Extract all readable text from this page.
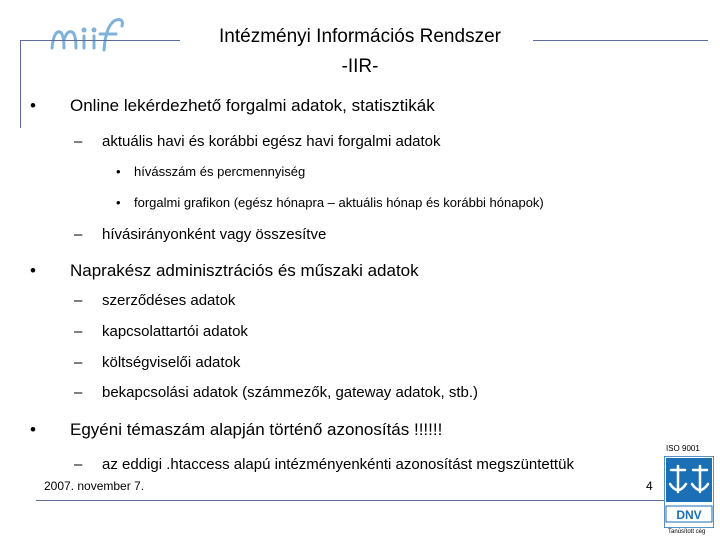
Intézményi Információs Rendszer
-IIR-
• Online lekérdezhető forgalmi adatok, statisztikák
– aktuális havi és korábbi egész havi forgalmi adatok
• hívásszám és percmennyiség
• forgalmi grafikon (egész hónapra – aktuális hónap és korábbi hónapok)
– hívásirányonként vagy összesítve
• Naprakész adminisztrációs és műszaki adatok
– szerződéses adatok
– kapcsolattartói adatok
– költségviselői adatok
– bekapcsolási adatok (számmezők, gateway adatok, stb.)
• Egyéni témaszám alapján történő azonosítás !!!!!!
– az eddigi .htaccess alapú intézményenkénti azonosítást megszüntettük
2007. november 7.	4
ISO 9001
DNV
Tanúsított cég
